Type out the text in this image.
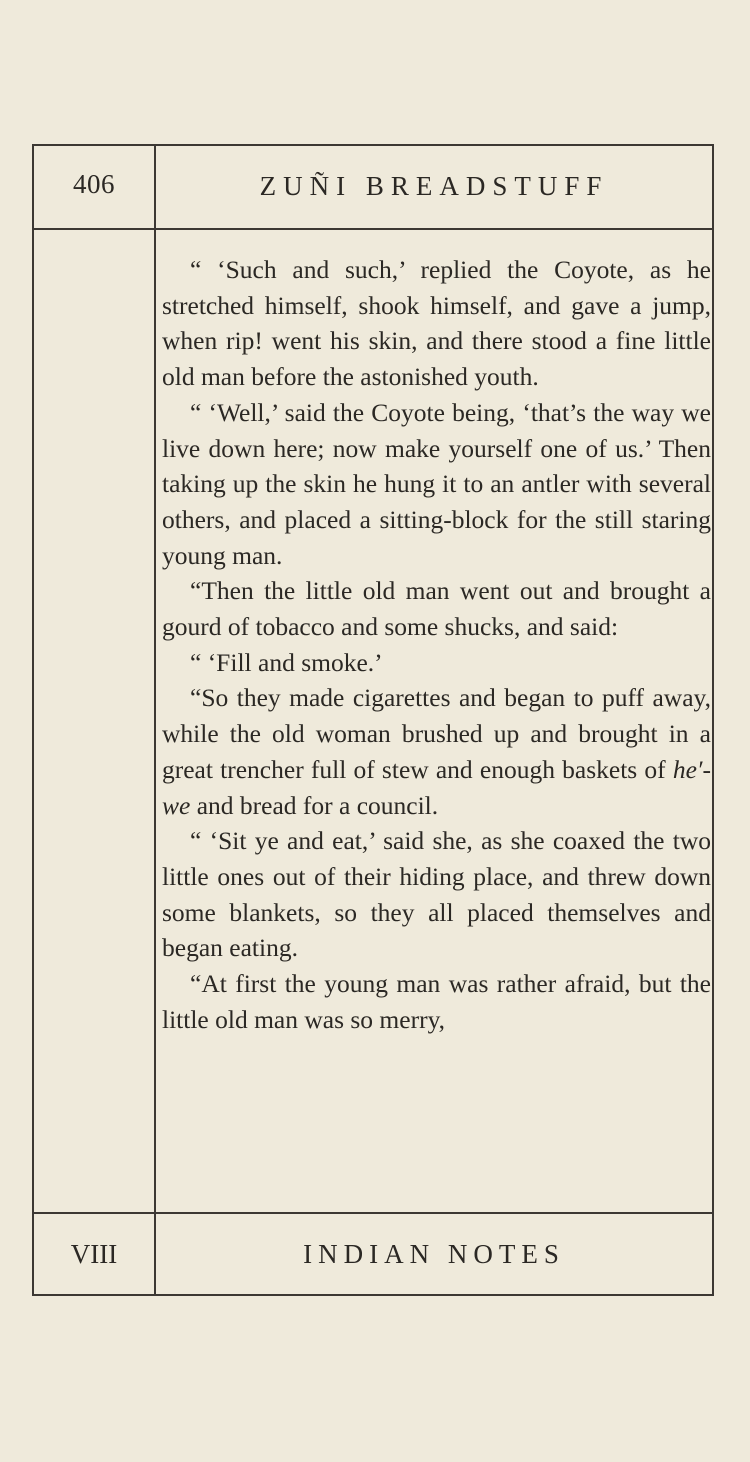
406	ZUÑI BREADSTUFF

“ ‘Such and such,’ replied the Coyote, as he stretched himself, shook himself, and gave a jump, when rip! went his skin, and there stood a fine little old man before the astonished youth.

“ ‘Well,’ said the Coyote being, ‘that’s the way we live down here; now make yourself one of us.’ Then taking up the skin he hung it to an antler with several others, and placed a sitting-block for the still staring young man.

“Then the little old man went out and brought a gourd of tobacco and some shucks, and said:

“ ‘Fill and smoke.’

“So they made cigarettes and began to puff away, while the old woman brushed up and brought in a great trencher full of stew and enough baskets of he′-we and bread for a council.

“ ‘Sit ye and eat,’ said she, as she coaxed the two little ones out of their hiding place, and threw down some blankets, so they all placed themselves and began eating.

“At first the young man was rather afraid, but the little old man was so merry,

VIII	INDIAN NOTES
